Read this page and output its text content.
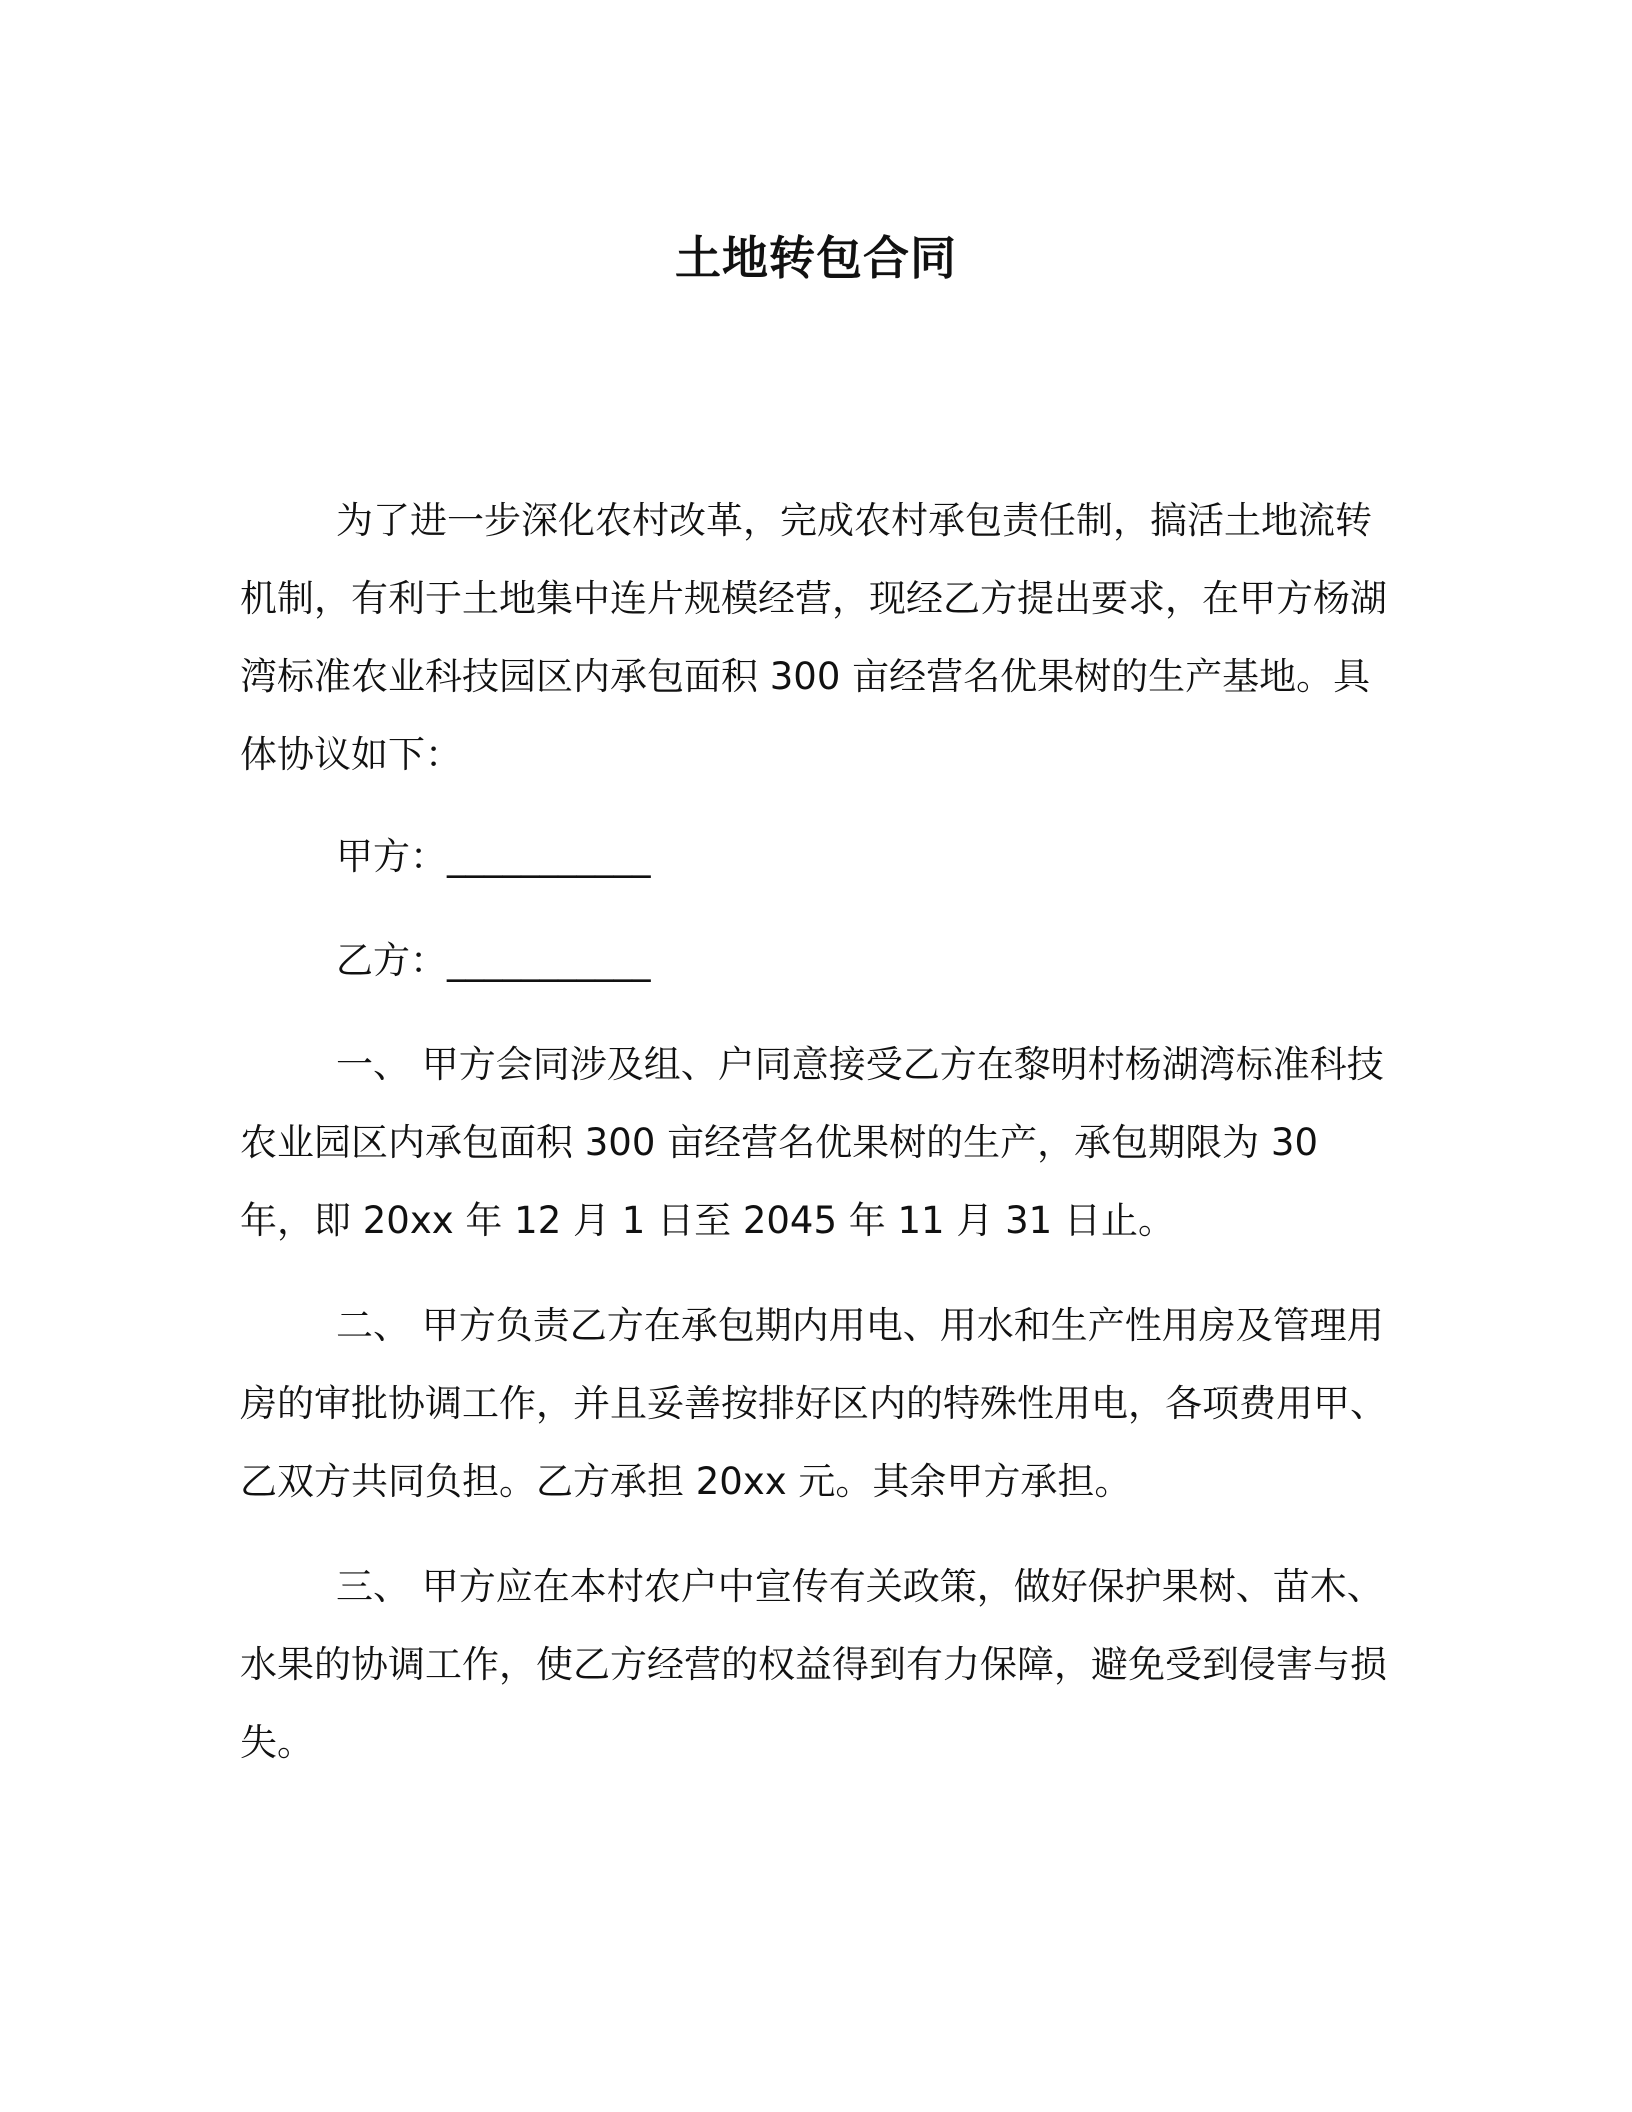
土地转包合同

为了进一步深化农村改革，完成农村承包责任制，搞活土地流转机制，有利于土地集中连片规模经营，现经乙方提出要求，在甲方杨湖湾标准农业科技园区内承包面积 300 亩经营名优果树的生产基地。具体协议如下：

甲方：___________

乙方：___________

一、 甲方会同涉及组、户同意接受乙方在黎明村杨湖湾标准科技农业园区内承包面积 300 亩经营名优果树的生产，承包期限为 30 年，即 20xx 年 12 月 1 日至 2045 年 11 月 31 日止。

二、 甲方负责乙方在承包期内用电、用水和生产性用房及管理用房的审批协调工作，并且妥善按排好区内的特殊性用电，各项费用甲、乙双方共同负担。乙方承担 20xx 元。其余甲方承担。

三、 甲方应在本村农户中宣传有关政策，做好保护果树、苗木、水果的协调工作，使乙方经营的权益得到有力保障，避免受到侵害与损失。
